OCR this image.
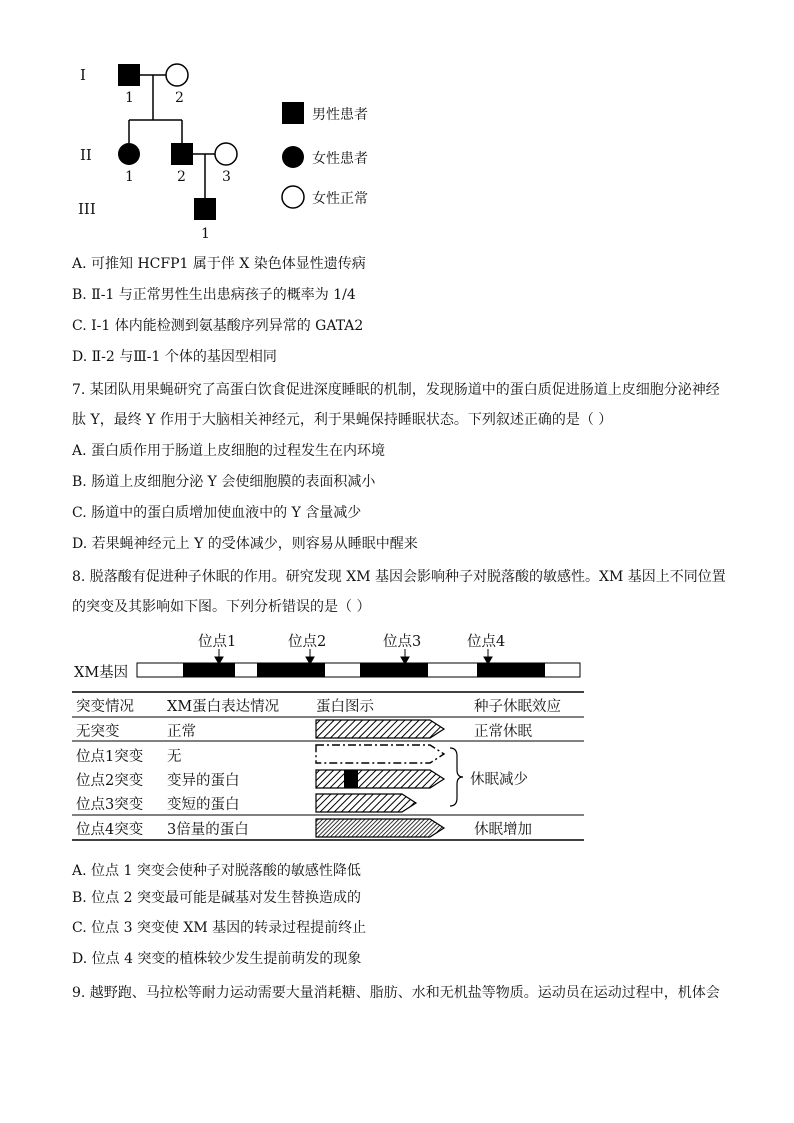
I
II
III
1	2
1	2	3
1
男性患者
女性患者
女性正常
A. 可推知 HCFP1 属于伴 X 染色体显性遗传病
B. Ⅱ-1 与正常男性生出患病孩子的概率为 1/4
C. I-1 体内能检测到氨基酸序列异常的 GATA2
D. Ⅱ-2 与Ⅲ-1 个体的基因型相同
7. 某团队用果蝇研究了高蛋白饮食促进深度睡眠的机制，发现肠道中的蛋白质促进肠道上皮细胞分泌神经
肽 Y，最终 Y 作用于大脑相关神经元，利于果蝇保持睡眠状态。下列叙述正确的是（ ）
A. 蛋白质作用于肠道上皮细胞的过程发生在内环境
B. 肠道上皮细胞分泌 Y 会使细胞膜的表面积减小
C. 肠道中的蛋白质增加使血液中的 Y 含量减少
D. 若果蝇神经元上 Y 的受体减少，则容易从睡眠中醒来
8. 脱落酸有促进种子休眠的作用。研究发现 XM 基因会影响种子对脱落酸的敏感性。XM 基因上不同位置
的突变及其影响如下图。下列分析错误的是（ ）
位点1	位点2	位点3	位点4
XM基因
突变情况 XM蛋白表达情况	蛋白图示	种子休眠效应
无突变	正常	正常休眠
位点1突变 无
位点2突变 变异的蛋白	休眠减少
位点3突变 变短的蛋白
位点4突变 3倍量的蛋白	休眠增加
A. 位点 1 突变会使种子对脱落酸的敏感性降低
B. 位点 2 突变最可能是碱基对发生替换造成的
C. 位点 3 突变使 XM 基因的转录过程提前终止
D. 位点 4 突变的植株较少发生提前萌发的现象
9. 越野跑、马拉松等耐力运动需要大量消耗糖、脂肪、水和无机盐等物质。运动员在运动过程中，机体会
